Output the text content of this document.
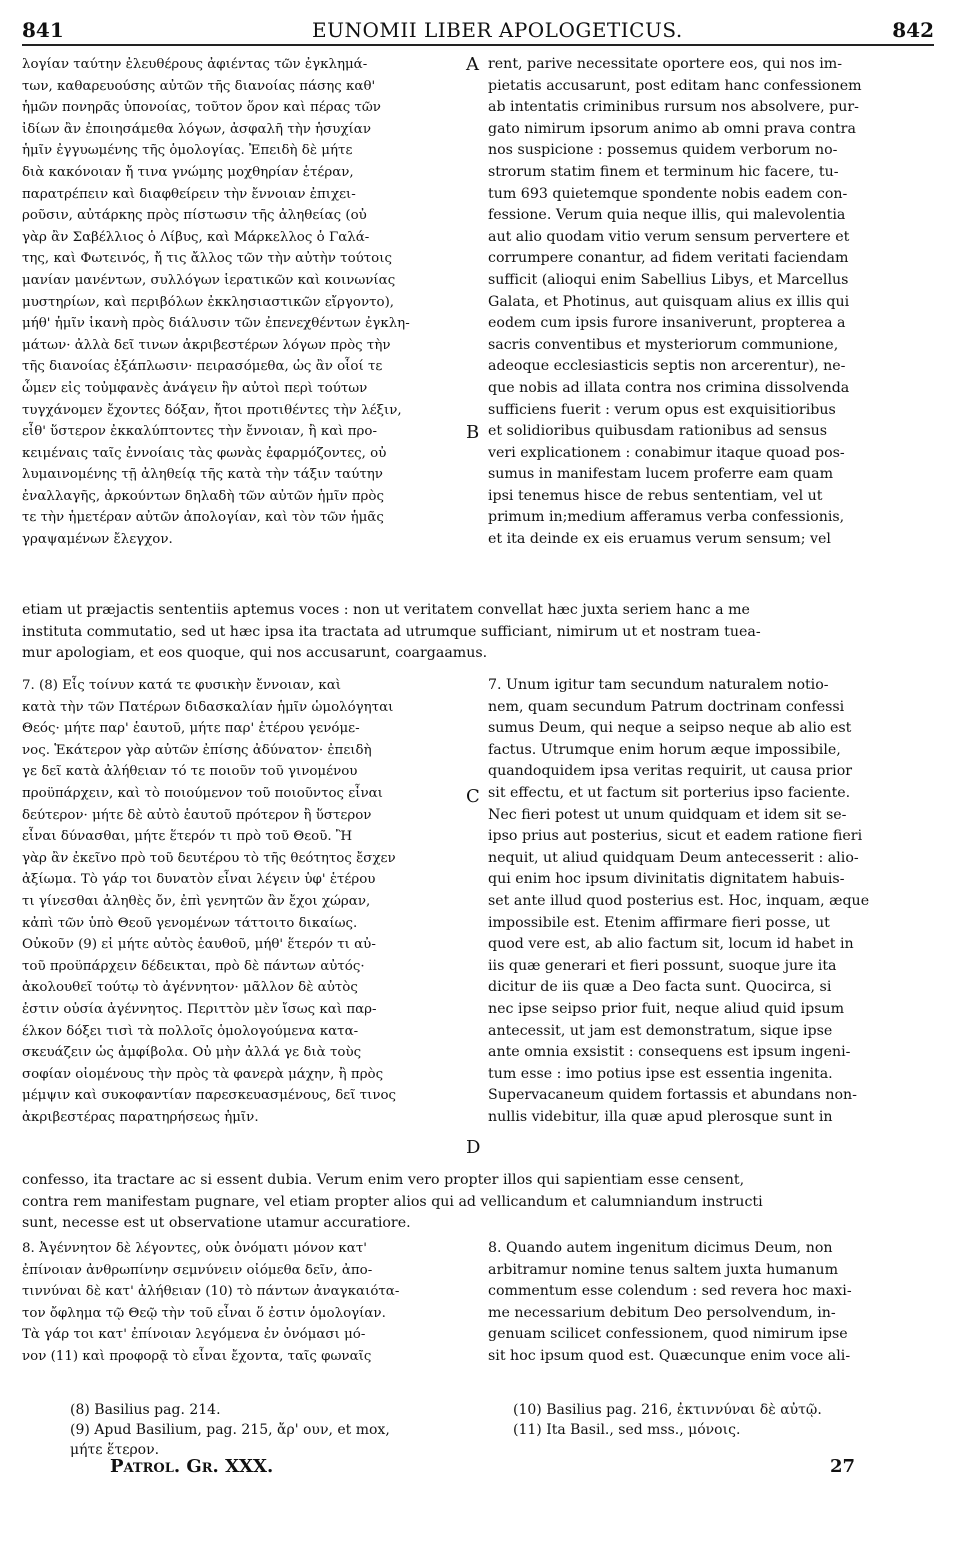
841	EUNOMII LIBER APOLOGETICUS.	842
λογίαν ταύτην ἐλευθέρους ἀφιέντας τῶν ἐγκλημά-
των, καθαρευούσης αὐτῶν τῆς διανοίας πάσης καθ'
ἡμῶν πονηρᾶς ὑπονοίας, τοῦτον ὅρον καὶ πέρας τῶν
ἰδίων ἂν ἐποιησάμεθα λόγων, ἀσφαλῆ τὴν ἡσυχίαν
ἡμῖν ἐγγυωμένης τῆς ὁμολογίας. Ἐπειδὴ δὲ μήτε
διὰ κακόνοιαν ἤ τινα γνώμης μοχθηρίαν ἑτέραν,
παρατρέπειν καὶ διαφθείρειν τὴν ἔννοιαν ἐπιχει-
ροῦσιν, αὐτάρκης πρὸς πίστωσιν τῆς ἀληθείας (οὐ
γὰρ ἂν Σαβέλλιος ὁ Λίβυς, καὶ Μάρκελλος ὁ Γαλά-
της, καὶ Φωτεινός, ἤ τις ἄλλος τῶν τὴν αὐτὴν τούτοις
μανίαν μανέντων, συλλόγων ἱερατικῶν καὶ κοινωνίας
μυστηρίων, καὶ περιβόλων ἐκκλησιαστικῶν εἴργοντο),
μήθ' ἡμῖν ἱκανὴ πρὸς διάλυσιν τῶν ἐπενεχθέντων ἐγκλη-
μάτων· ἀλλὰ δεῖ τινων ἀκριβεστέρων λόγων πρὸς τὴν
τῆς διανοίας ἐξάπλωσιν· πειρασόμεθα, ὡς ἂν οἷοί τε
ὦμεν εἰς τοὐμφανὲς ἀνάγειν ἣν αὐτοὶ περὶ τούτων
τυγχάνομεν ἔχοντες δόξαν, ἤτοι προτιθέντες τὴν λέξιν,
εἶθ' ὕστερον ἐκκαλύπτοντες τὴν ἔννοιαν, ἢ καὶ προ-
κειμέναις ταῖς ἐννοίαις τὰς φωνὰς ἐφαρμόζοντες, οὐ
λυμαινομένης τῇ ἀληθείᾳ τῆς κατὰ τὴν τάξιν ταύτην
ἐναλλαγῆς, ἀρκούντων δηλαδὴ τῶν αὐτῶν ἡμῖν πρὸς
τε τὴν ἡμετέραν αὐτῶν ἀπολογίαν, καὶ τὸν τῶν ἡμᾶς
γραψαμένων ἔλεγχον.
A rent, parive necessitate oportere eos, qui nos im-
pietatis accusarunt, post editam hanc confessionem
ab intentatis criminibus rursum nos absolvere, pur-
gato nimirum ipsorum animo ab omni prava contra
nos suspicione : possemus quidem verborum no-
strorum statim finem et terminum hic facere, tu-
tum 693 quietemque spondente nobis eadem con-
fessione. Verum quia neque illis, qui malevolentia
aut alio quodam vitio verum sensum pervertere et
corrumpere conantur, ad fidem veritati faciendam
sufficit (alioqui enim Sabellius Libys, et Marcellus
Galata, et Photinus, aut quisquam alius ex illis qui
eodem cum ipsis furore insaniverunt, propterea a
sacris conventibus et mysteriorum communione,
adeoque ecclesiasticis septis non arcerentur), ne-
que nobis ad illata contra nos crimina dissolvenda
sufficiens fuerit : verum opus est exquisitioribus
et solidioribus quibusdam rationibus ad sensus
veri explicationem : conabimur itaque quoad pos-
sumus in manifestam lucem proferre eam quam
ipsi tenemus hisce de rebus sententiam, vel ut
primum in;medium afferamus verba confessionis,
et ita deinde ex eis eruamus verum sensum; vel
B
etiam ut præjactis sententiis aptemus voces : non ut veritatem convellat hæc juxta seriem hanc a me
instituta commutatio, sed ut hæc ipsa ita tractata ad utrumque sufficiant, nimirum ut et nostram tuea-
mur apologiam, et eos quoque, qui nos accusarunt, coargaamus.
7. (8) Εἷς τοίνυν κατά τε φυσικὴν ἔννοιαν, καὶ
κατὰ τὴν τῶν Πατέρων διδασκαλίαν ἡμῖν ὡμολόγηται
Θεός· μήτε παρ' ἑαυτοῦ, μήτε παρ' ἑτέρου γενόμε-
νος. Ἑκάτερον γὰρ αὐτῶν ἐπίσης ἀδύνατον· ἐπειδὴ
γε δεῖ κατὰ ἀλήθειαν τό τε ποιοῦν τοῦ γινομένου
προϋπάρχειν, καὶ τὸ ποιούμενον τοῦ ποιοῦντος εἶναι
δεύτερον· μήτε δὲ αὐτὸ ἑαυτοῦ πρότερον ἢ ὕστερον
εἶναι δύνασθαι, μήτε ἕτερόν τι πρὸ τοῦ Θεοῦ. Ἢ
γὰρ ἂν ἐκεῖνο πρὸ τοῦ δευτέρου τὸ τῆς θεότητος ἔσχεν
ἀξίωμα. Τὸ γάρ τοι δυνατὸν εἶναι λέγειν ὑφ' ἑτέρου
τι γίνεσθαι ἀληθὲς ὄν, ἐπὶ γενητῶν ἂν ἔχοι χώραν,
κἀπὶ τῶν ὑπὸ Θεοῦ γενομένων τάττοιτο δικαίως.
Οὐκοῦν (9) εἰ μήτε αὐτὸς ἑαυθοῦ, μήθ' ἕτερόν τι αὐ-
τοῦ προϋπάρχειν δέδεικται, πρὸ δὲ πάντων αὐτός·
ἀκολουθεῖ τούτῳ τὸ ἀγέννητον· μᾶλλον δὲ αὐτὸς
ἐστιν οὐσία ἀγέννητος. Περιττὸν μὲν ἴσως καὶ παρ-
έλκον δόξει τισὶ τὰ πολλοῖς ὁμολογούμενα κατα-
σκευάζειν ὡς ἀμφίβολα. Οὐ μὴν ἀλλά γε διὰ τοὺς
σοφίαν οἰομένους τὴν πρὸς τὰ φανερὰ μάχην, ἢ πρὸς
μέμψιν καὶ συκοφαντίαν παρεσκευασμένους, δεῖ τινος
ἀκριβεστέρας παρατηρήσεως ἡμῖν.
C
7. Unum igitur tam secundum naturalem notio-
nem, quam secundum Patrum doctrinam confessi
sumus Deum, qui neque a seipso neque ab alio est
factus. Utrumque enim horum æque impossibile,
quandoquidem ipsa veritas requirit, ut causa prior
sit effectu, et ut factum sit porterius ipso faciente.
Nec fieri potest ut unum quidquam et idem sit se-
ipso prius aut posterius, sicut et eadem ratione fieri
nequit, ut aliud quidquam Deum antecesserit : alio-
qui enim hoc ipsum divinitatis dignitatem habuis-
set ante illud quod posterius est. Hoc, inquam, æque
impossibile est. Etenim affirmare fieri posse, ut
quod vere est, ab alio factum sit, locum id habet in
iis quæ generari et fieri possunt, suoque jure ita
dicitur de iis quæ a Deo facta sunt. Quocirca, si
nec ipse seipso prior fuit, neque aliud quid ipsum
antecessit, ut jam est demonstratum, sique ipse
ante omnia exsistit : consequens est ipsum ingeni-
tum esse : imo potius ipse est essentia ingenita.
Supervacaneum quidem fortassis et abundans non-
nullis videbitur, illa quæ apud plerosque sunt in
D
confesso, ita tractare ac si essent dubia. Verum enim vero propter illos qui sapientiam esse censent,
contra rem manifestam pugnare, vel etiam propter alios qui ad vellicandum et calumniandum instructi
sunt, necesse est ut observatione utamur accuratiore.
8. Ἀγέννητον δὲ λέγοντες, οὐκ ὀνόματι μόνον κατ'
ἐπίνοιαν ἀνθρωπίνην σεμνύνειν οἰόμεθα δεῖν, ἀπο-
τιννύναι δὲ κατ' ἀλήθειαν (10) τὸ πάντων ἀναγκαιότα-
τον ὄφλημα τῷ Θεῷ τὴν τοῦ εἶναι ὅ ἐστιν ὁμολογίαν.
Τὰ γάρ τοι κατ' ἐπίνοιαν λεγόμενα ἐν ὀνόμασι μό-
νον (11) καὶ προφορᾷ τὸ εἶναι ἔχοντα, ταῖς φωναῖς
8. Quando autem ingenitum dicimus Deum, non
arbitramur nomine tenus saltem juxta humanum
commentum esse colendum : sed revera hoc maxi-
me necessarium debitum Deo persolvendum, in-
genuam scilicet confessionem, quod nimirum ipse
sit hoc ipsum quod est. Quæcunque enim voce ali-
(8) Basilius pag. 214.
(9) Apud Basilium, pag. 215, ἄρ' ουν, et mox,
μήτε ἕτερον.
(10) Basilius pag. 216, ἐκτιννύναι δὲ αὐτῷ.
(11) Ita Basil., sed mss., μόνοις.
Patrol. Gr. XXX.	27
